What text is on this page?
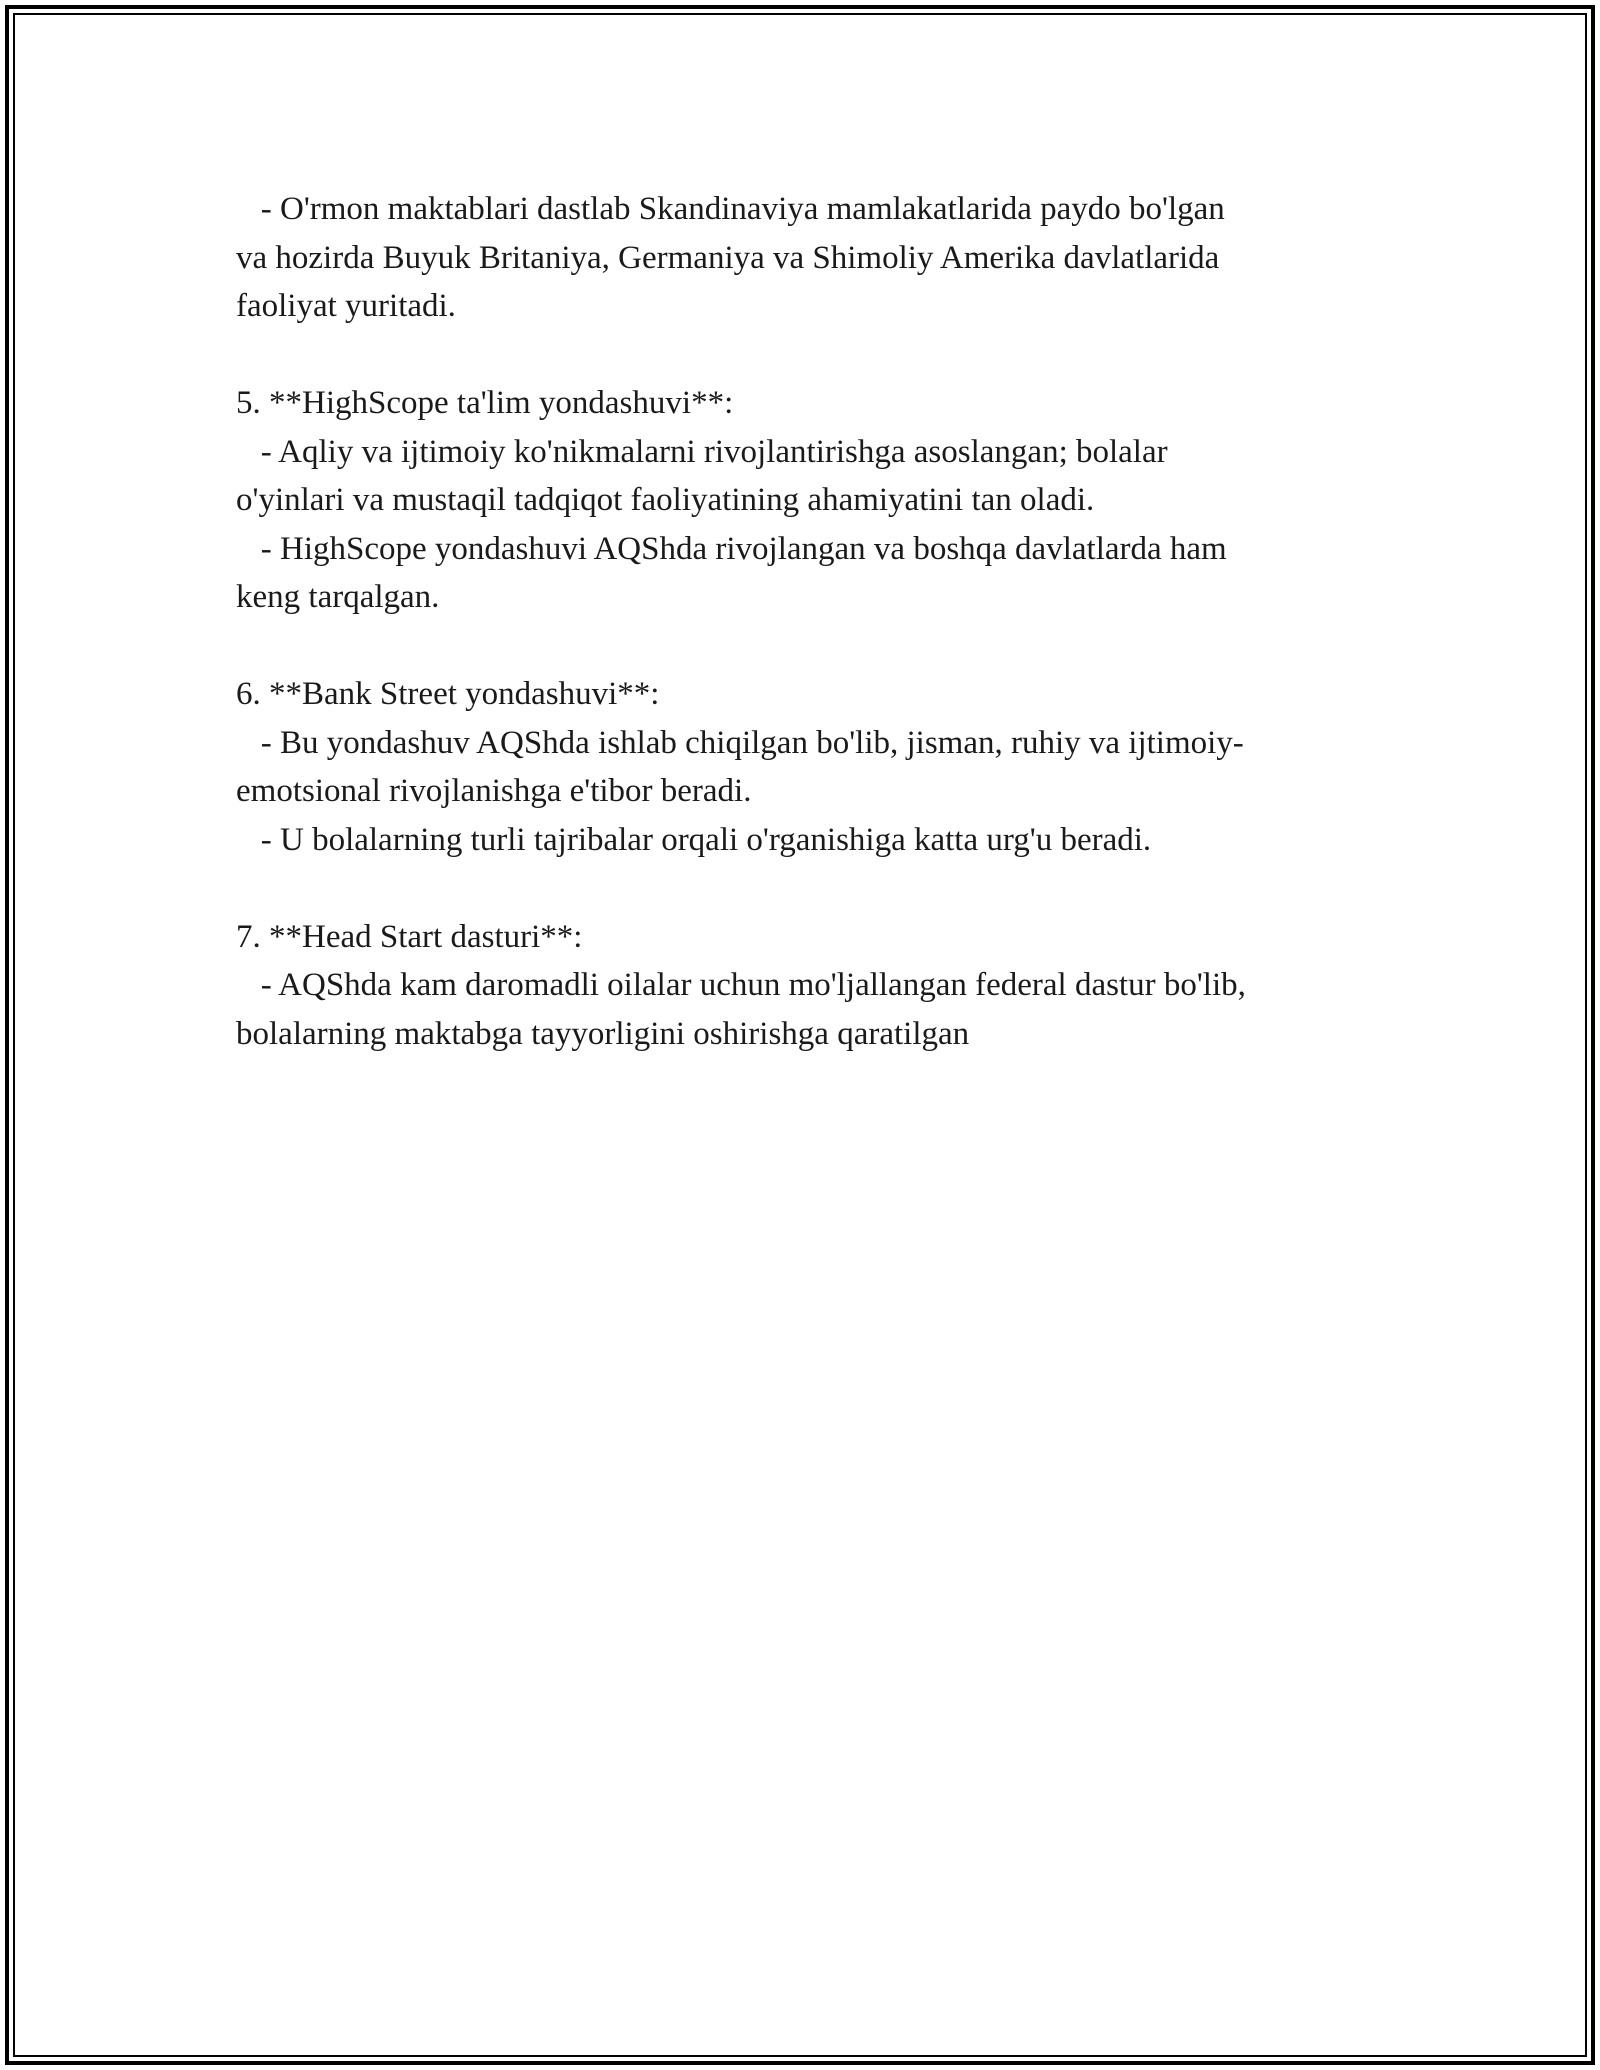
- O'rmon maktablari dastlab Skandinaviya mamlakatlarida paydo bo'lgan
va hozirda Buyuk Britaniya, Germaniya va Shimoliy Amerika davlatlarida
faoliyat yuritadi.
5. **HighScope ta'lim yondashuvi**:
- Aqliy va ijtimoiy ko'nikmalarni rivojlantirishga asoslangan; bolalar
o'yinlari va mustaqil tadqiqot faoliyatining ahamiyatini tan oladi.
- HighScope yondashuvi AQShda rivojlangan va boshqa davlatlarda ham
keng tarqalgan.
6. **Bank Street yondashuvi**:
- Bu yondashuv AQShda ishlab chiqilgan bo'lib, jisman, ruhiy va ijtimoiy-
emotsional rivojlanishga e'tibor beradi.
- U bolalarning turli tajribalar orqali o'rganishiga katta urg'u beradi.
7. **Head Start dasturi**:
- AQShda kam daromadli oilalar uchun mo'ljallangan federal dastur bo'lib,
bolalarning maktabga tayyorligini oshirishga qaratilgan
